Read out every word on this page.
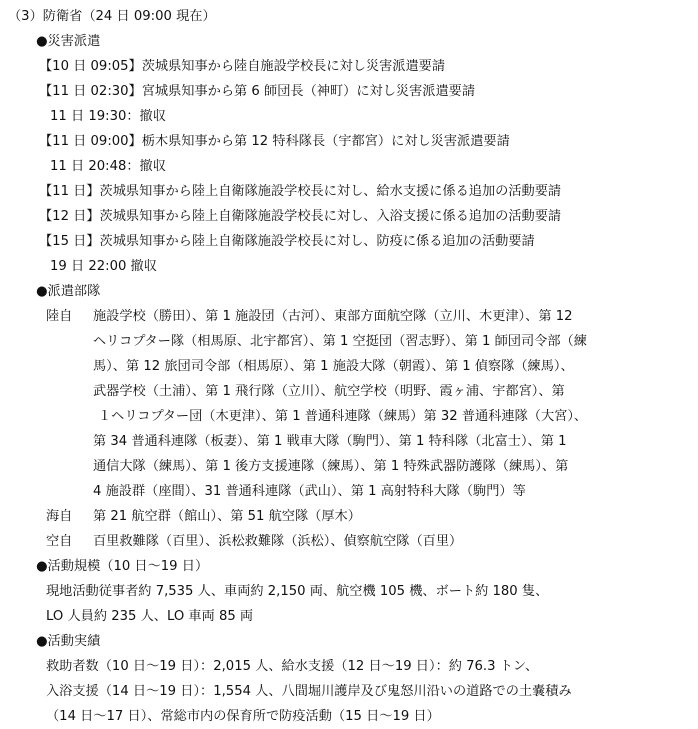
（3）防衛省（24 日 09:00 現在）
●災害派遣
【10 日 09:05】茨城県知事から陸自施設学校長に対し災害派遣要請
【11 日 02:30】宮城県知事から第 6 師団長（神町）に対し災害派遣要請
11 日 19:30：撤収
【11 日 09:00】栃木県知事から第 12 特科隊長（宇都宮）に対し災害派遣要請
11 日 20:48：撤収
【11 日】茨城県知事から陸上自衛隊施設学校長に対し、給水支援に係る追加の活動要請
【12 日】茨城県知事から陸上自衛隊施設学校長に対し、入浴支援に係る追加の活動要請
【15 日】茨城県知事から陸上自衛隊施設学校長に対し、防疫に係る追加の活動要請
19 日 22:00 撤収
●派遣部隊
陸自	施設学校（勝田）、第 1 施設団（古河）、東部方面航空隊（立川、木更津）、第 12
ヘリコプター隊（相馬原、北宇都宮）、第 1 空挺団（習志野）、第 1 師団司令部（練
馬）、第 12 旅団司令部（相馬原）、第 1 施設大隊（朝霞）、第 1 偵察隊（練馬）、
武器学校（土浦）、第 1 飛行隊（立川）、航空学校（明野、霞ヶ浦、宇都宮）、第
１ヘリコプター団（木更津）、第 1 普通科連隊（練馬）第 32 普通科連隊（大宮）、
第 34 普通科連隊（板妻）、第 1 戦車大隊（駒門）、第 1 特科隊（北富士）、第 1
通信大隊（練馬）、第 1 後方支援連隊（練馬）、第 1 特殊武器防護隊（練馬）、第
4 施設群（座間）、31 普通科連隊（武山）、第 1 高射特科大隊（駒門）等
海自	第 21 航空群（館山）、第 51 航空隊（厚木）
空自	百里救難隊（百里）、浜松救難隊（浜松）、偵察航空隊（百里）
●活動規模（10 日～19 日）
現地活動従事者約 7,535 人、車両約 2,150 両、航空機 105 機、ボート約 180 隻、
LO 人員約 235 人、LO 車両 85 両
●活動実績
救助者数（10 日～19 日）：2,015 人、給水支援（12 日～19 日）：約 76.3 トン、
入浴支援（14 日～19 日）：1,554 人、八間堀川護岸及び鬼怒川沿いの道路での土嚢積み
（14 日～17 日）、常総市内の保育所で防疫活動（15 日～19 日）
